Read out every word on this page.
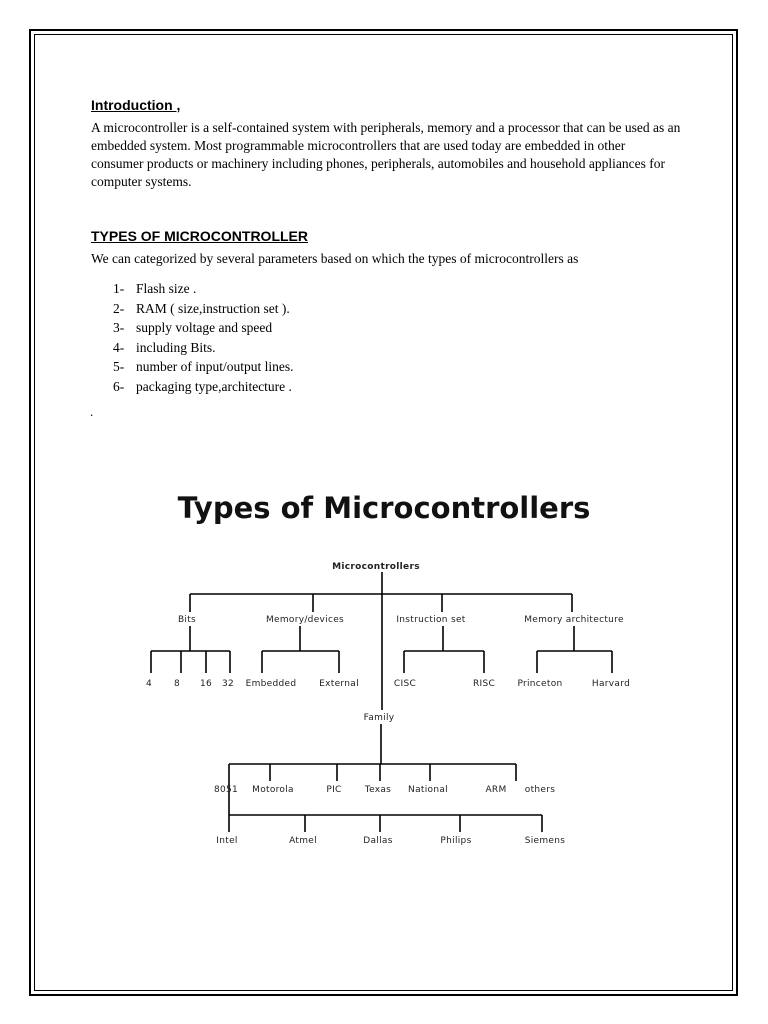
Introduction ,

A microcontroller is a self-contained system with peripherals, memory and a processor that can be used as an embedded system. Most programmable microcontrollers that are used today are embedded in other consumer products or machinery including phones, peripherals, automobiles and household appliances for computer systems.

TYPES OF MICROCONTROLLER

We can categorized by several parameters based on which the types of microcontrollers as

1- Flash size .
2- RAM ( size,instruction set ).
3- supply voltage and speed
4- including Bits.
5- number of input/output lines.
6- packaging type,architecture .
.
Types of Microcontrollers
Microcontrollers
Bits	Memory/devices	Instruction set	Memory architecture
4 8 16 32 Embedded	External	CISC	RISC Princeton	Harvard
Family
8051 Motorola	PIC	Texas National	ARM others
Intel	Atmel	Dallas	Philips	Siemens
